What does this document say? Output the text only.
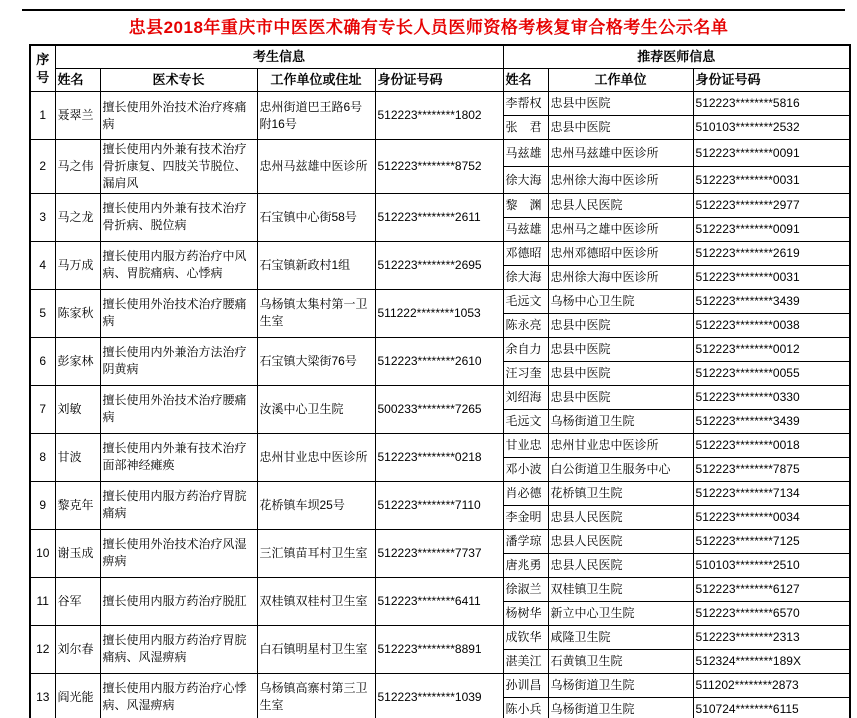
忠县2018年重庆市中医医术确有专长人员医师资格考核复审合格考生公示名单
序号	考生信息				推荐医师信息		
	姓名	医术专长	工作单位或住址	身份证号码	姓名	工作单位	身份证号码
1	聂翠兰	擅长使用外治技术治疗疼痛病	忠州街道巴王路6号附16号	512223********1802	李帮权	忠县中医院	512223********5816
					张　君	忠县中医院	510103********2532
2	马之伟	擅长使用内外兼有技术治疗骨折康复、四肢关节脱位、漏肩风	忠州马兹雄中医诊所	512223********8752	马兹雄	忠州马兹雄中医诊所	512223********0091
					徐大海	忠州徐大海中医诊所	512223********0031
3	马之龙	擅长使用内外兼有技术治疗骨折病、脱位病	石宝镇中心街58号	512223********2611	黎　渊	忠县人民医院	512223********2977
					马兹雄	忠州马之雄中医诊所	512223********0091
4	马万成	擅长使用内服方药治疗中风病、胃脘痛病、心悸病	石宝镇新政村1组	512223********2695	邓德昭	忠州邓德昭中医诊所	512223********2619
					徐大海	忠州徐大海中医诊所	512223********0031
5	陈家秋	擅长使用外治技术治疗腰痛病	乌杨镇太集村第一卫生室	511222********1053	毛远文	乌杨中心卫生院	512223********3439
					陈永亮	忠县中医院	512223********0038
6	彭家林	擅长使用内外兼治方法治疗阴黄病	石宝镇大梁街76号	512223********2610	余自力	忠县中医院	512223********0012
					汪习奎	忠县中医院	512223********0055
7	刘敏	擅长使用外治技术治疗腰痛病	汝溪中心卫生院	500233********7265	刘绍海	忠县中医院	512223********0330
					毛远文	乌杨街道卫生院	512223********3439
8	甘波	擅长使用内外兼有技术治疗面部神经瘫痪	忠州甘业忠中医诊所	512223********0218	甘业忠	忠州甘业忠中医诊所	512223********0018
					邓小波	白公街道卫生服务中心	512223********7875
9	黎克年	擅长使用内服方药治疗胃脘痛病	花桥镇车坝25号	512223********7110	肖必德	花桥镇卫生院	512223********7134
					李金明	忠县人民医院	512223********0034
10	谢玉成	擅长使用外治技术治疗风湿痹病	三汇镇苗耳村卫生室	512223********7737	潘学琼	忠县人民医院	512223********7125
					唐兆勇	忠县人民医院	510103********2510
11	谷军	擅长使用内服方药治疗脱肛	双桂镇双桂村卫生室	512223********6411	徐淑兰	双桂镇卫生院	512223********6127
					杨树华	新立中心卫生院	512223********6570
12	刘尔春	擅长使用内服方药治疗胃脘痛病、风湿痹病	白石镇明星村卫生室	512223********8891	成钦华	咸隆卫生院	512223********2313
					湛美江	石黄镇卫生院	512324********189X
13	阎光能	擅长使用内服方药治疗心悸病、风湿痹病	乌杨镇高寨村第三卫生室	512223********1039	孙训昌	乌杨街道卫生院	511202********2873
					陈小兵	乌杨街道卫生院	510724********6115
